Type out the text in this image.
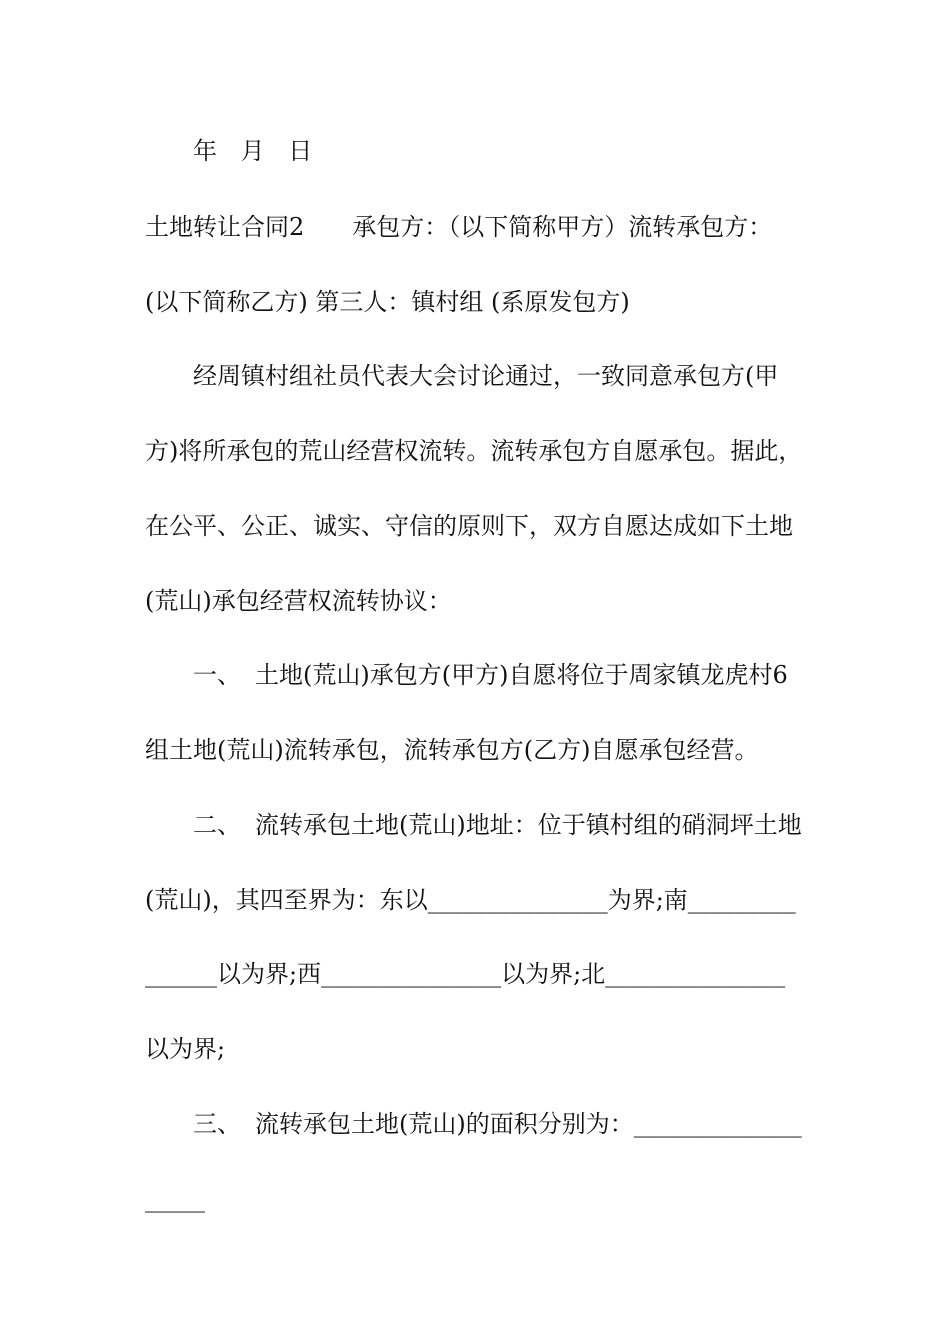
年 月 日
土地转让合同2 承包方：（以下简称甲方）流转承包方：
(以下简称乙方) 第三人：镇村组 (系原发包方)
经周镇村组社员代表大会讨论通过，一致同意承包方(甲
方)将所承包的荒山经营权流转。流转承包方自愿承包。据此，
在公平、公正、诚实、守信的原则下，双方自愿达成如下土地
(荒山)承包经营权流转协议：
一、 土地(荒山)承包方(甲方)自愿将位于周家镇龙虎村6
组土地(荒山)流转承包，流转承包方(乙方)自愿承包经营。
二、 流转承包土地(荒山)地址：位于镇村组的硝洞坪土地
(荒山)，其四至界为：东以_______________为界;南_________
______以为界;西_______________以为界;北_______________
以为界;
三、 流转承包土地(荒山)的面积分别为：______________
_____
